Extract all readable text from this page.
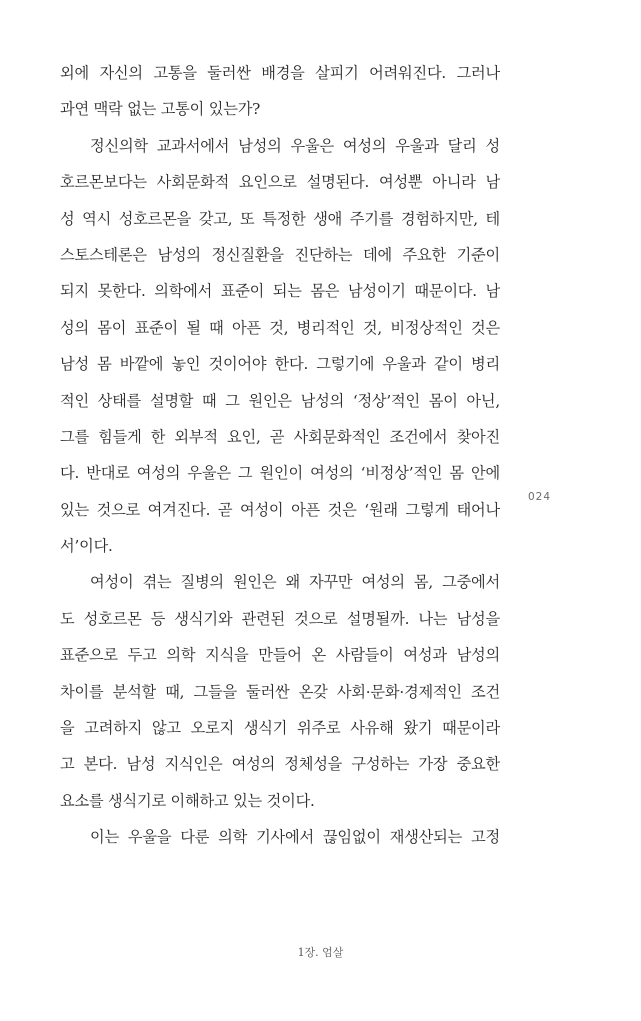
외에 자신의 고통을 둘러싼 배경을 살피기 어려워진다. 그러나
과연 맥락 없는 고통이 있는가?
정신의학 교과서에서 남성의 우울은 여성의 우울과 달리 성
호르몬보다는 사회문화적 요인으로 설명된다. 여성뿐 아니라 남
성 역시 성호르몬을 갖고, 또 특정한 생애 주기를 경험하지만, 테
스토스테론은 남성의 정신질환을 진단하는 데에 주요한 기준이
되지 못한다. 의학에서 표준이 되는 몸은 남성이기 때문이다. 남
성의 몸이 표준이 될 때 아픈 것, 병리적인 것, 비정상적인 것은
남성 몸 바깥에 놓인 것이어야 한다. 그렇기에 우울과 같이 병리
적인 상태를 설명할 때 그 원인은 남성의 ‘정상’적인 몸이 아닌,
그를 힘들게 한 외부적 요인, 곧 사회문화적인 조건에서 찾아진
다. 반대로 여성의 우울은 그 원인이 여성의 ‘비정상’적인 몸 안에
있는 것으로 여겨진다. 곧 여성이 아픈 것은 ‘원래 그렇게 태어나
서’이다.
여성이 겪는 질병의 원인은 왜 자꾸만 여성의 몸, 그중에서
도 성호르몬 등 생식기와 관련된 것으로 설명될까. 나는 남성을
표준으로 두고 의학 지식을 만들어 온 사람들이 여성과 남성의
차이를 분석할 때, 그들을 둘러싼 온갖 사회·문화·경제적인 조건
을 고려하지 않고 오로지 생식기 위주로 사유해 왔기 때문이라
고 본다. 남성 지식인은 여성의 정체성을 구성하는 가장 중요한
요소를 생식기로 이해하고 있는 것이다.
이는 우울을 다룬 의학 기사에서 끊임없이 재생산되는 고정
024
1장. 엄살
